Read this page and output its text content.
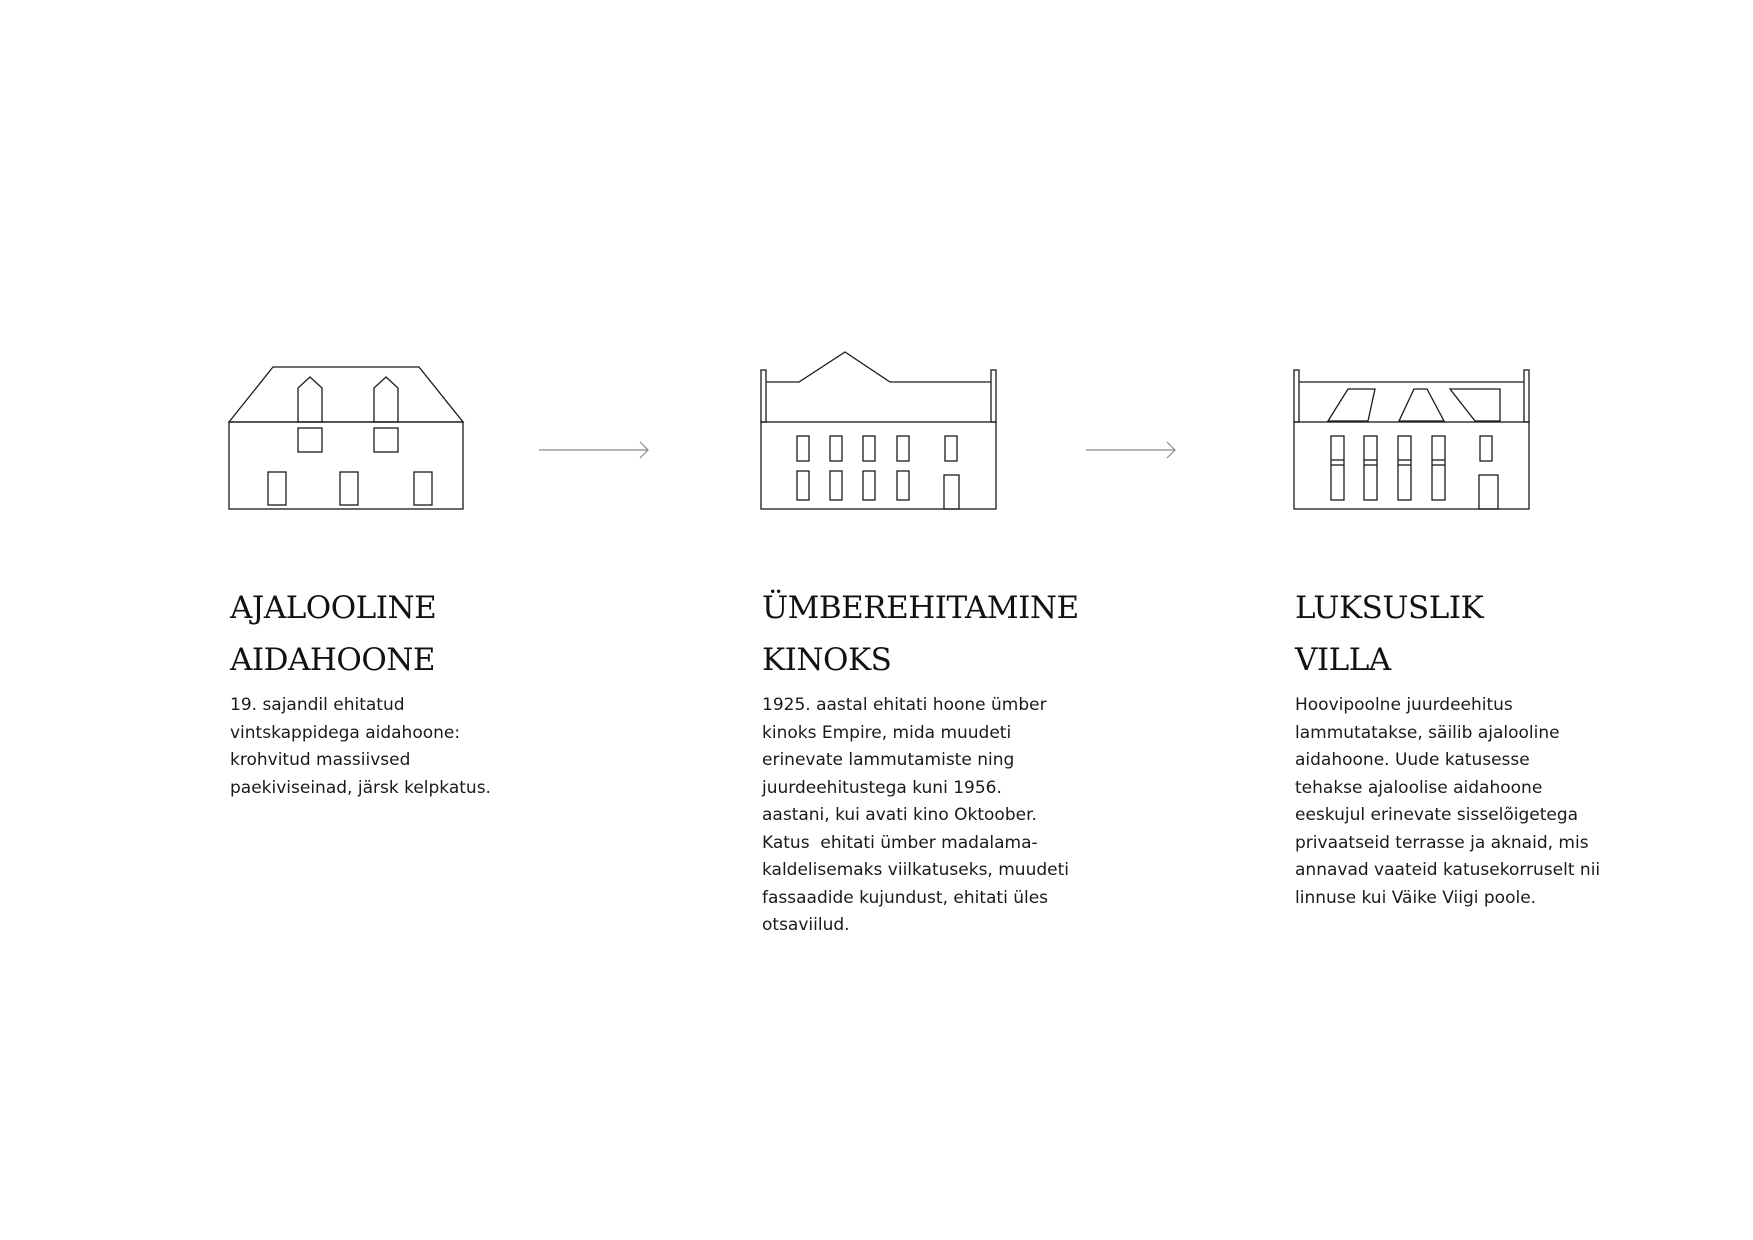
AJALOOLINE
AIDAHOONE

19. sajandil ehitatud
vintskappidega aidahoone:
krohvitud massiivsed
paekiviseinad, järsk kelpkatus.

ÜMBEREHITAMINE
KINOKS

1925. aastal ehitati hoone ümber
kinoks Empire, mida muudeti
erinevate lammutamiste ning
juurdeehitustega kuni 1956.
aastani, kui avati kino Oktoober.
Katus  ehitati ümber madalama-
kaldelisemaks viilkatuseks, muudeti
fassaadide kujundust, ehitati üles
otsaviilud.

LUKSUSLIK
VILLA

Hoovipoolne juurdeehitus
lammutatakse, säilib ajalooline
aidahoone. Uude katusesse
tehakse ajaloolise aidahoone
eeskujul erinevate sisselõigetega
privaatseid terrasse ja aknaid, mis
annavad vaateid katusekorruselt nii
linnuse kui Väike Viigi poole.
